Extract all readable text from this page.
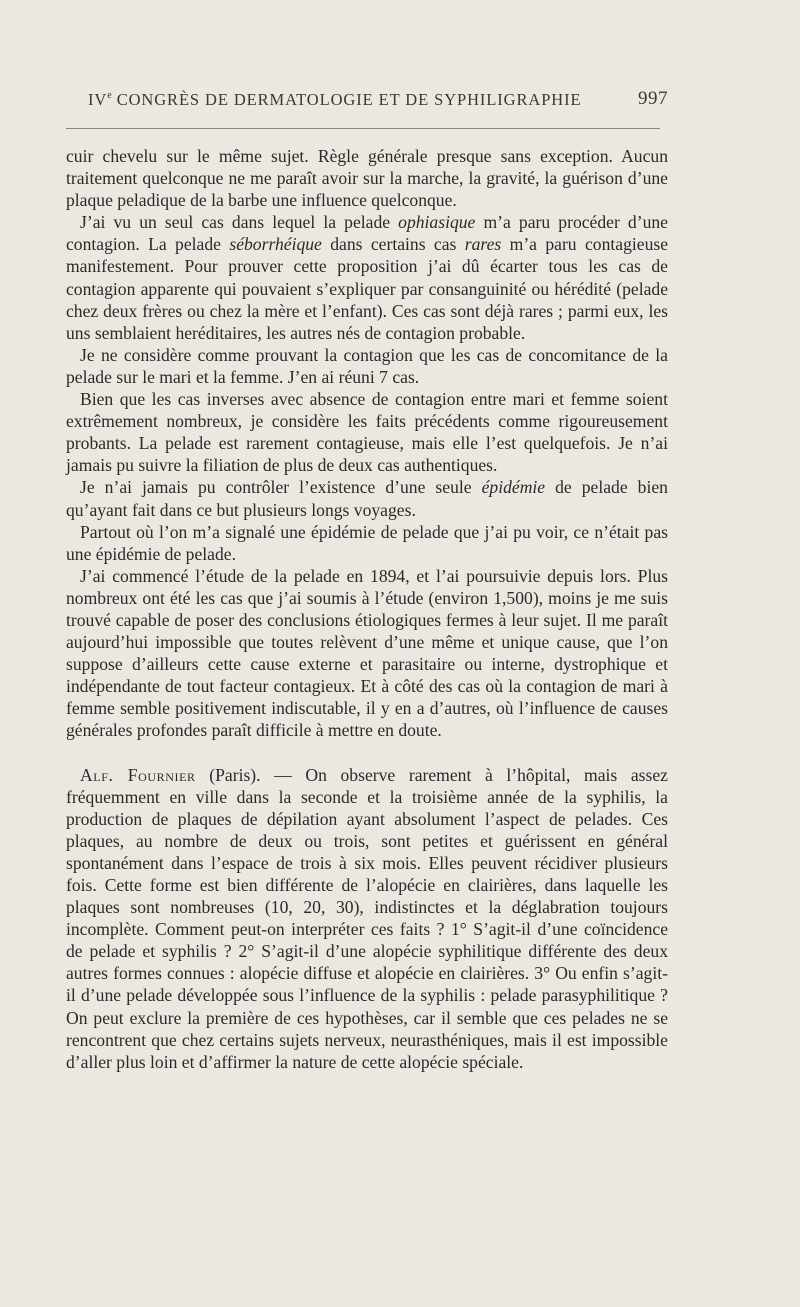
IVe CONGRÈS DE DERMATOLOGIE ET DE SYPHILIGRAPHIE	997

cuir chevelu sur le même sujet. Règle générale presque sans exception. Aucun traitement quelconque ne me paraît avoir sur la marche, la gravité, la guérison d’une plaque peladique de la barbe une influence quelconque.

J’ai vu un seul cas dans lequel la pelade ophiasique m’a paru procéder d’une contagion. La pelade séborrhéique dans certains cas rares m’a paru contagieuse manifestement. Pour prouver cette proposition j’ai dû écarter tous les cas de contagion apparente qui pouvaient s’expliquer par consanguinité ou hérédité (pelade chez deux frères ou chez la mère et l’enfant). Ces cas sont déjà rares ; parmi eux, les uns semblaient heréditaires, les autres nés de contagion probable.

Je ne considère comme prouvant la contagion que les cas de concomitance de la pelade sur le mari et la femme. J’en ai réuni 7 cas.

Bien que les cas inverses avec absence de contagion entre mari et femme soient extrêmement nombreux, je considère les faits précédents comme rigoureusement probants. La pelade est rarement contagieuse, mais elle l’est quelquefois. Je n’ai jamais pu suivre la filiation de plus de deux cas authentiques.

Je n’ai jamais pu contrôler l’existence d’une seule épidémie de pelade bien qu’ayant fait dans ce but plusieurs longs voyages.

Partout où l’on m’a signalé une épidémie de pelade que j’ai pu voir, ce n’était pas une épidémie de pelade.

J’ai commencé l’étude de la pelade en 1894, et l’ai poursuivie depuis lors. Plus nombreux ont été les cas que j’ai soumis à l’étude (environ 1,500), moins je me suis trouvé capable de poser des conclusions étiologiques fermes à leur sujet. Il me paraît aujourd’hui impossible que toutes relèvent d’une même et unique cause, que l’on suppose d’ailleurs cette cause externe et parasitaire ou interne, dystrophique et indépendante de tout facteur contagieux. Et à côté des cas où la contagion de mari à femme semble positivement indiscutable, il y en a d’autres, où l’influence de causes générales profondes paraît difficile à mettre en doute.

Alf. Fournier (Paris). — On observe rarement à l’hôpital, mais assez fréquemment en ville dans la seconde et la troisième année de la syphilis, la production de plaques de dépilation ayant absolument l’aspect de pelades. Ces plaques, au nombre de deux ou trois, sont petites et guérissent en général spontanément dans l’espace de trois à six mois. Elles peuvent récidiver plusieurs fois. Cette forme est bien différente de l’alopécie en clairières, dans laquelle les plaques sont nombreuses (10, 20, 30), indistinctes et la déglabration toujours incomplète. Comment peut-on interpréter ces faits ? 1° S’agit-il d’une coïncidence de pelade et syphilis ? 2° S’agit-il d’une alopécie syphilitique différente des deux autres formes connues : alopécie diffuse et alopécie en clairières. 3° Ou enfin s’agit-il d’une pelade développée sous l’influence de la syphilis : pelade parasyphilitique ? On peut exclure la première de ces hypothèses, car il semble que ces pelades ne se rencontrent que chez certains sujets nerveux, neurasthéniques, mais il est impossible d’aller plus loin et d’affirmer la nature de cette alopécie spéciale.
